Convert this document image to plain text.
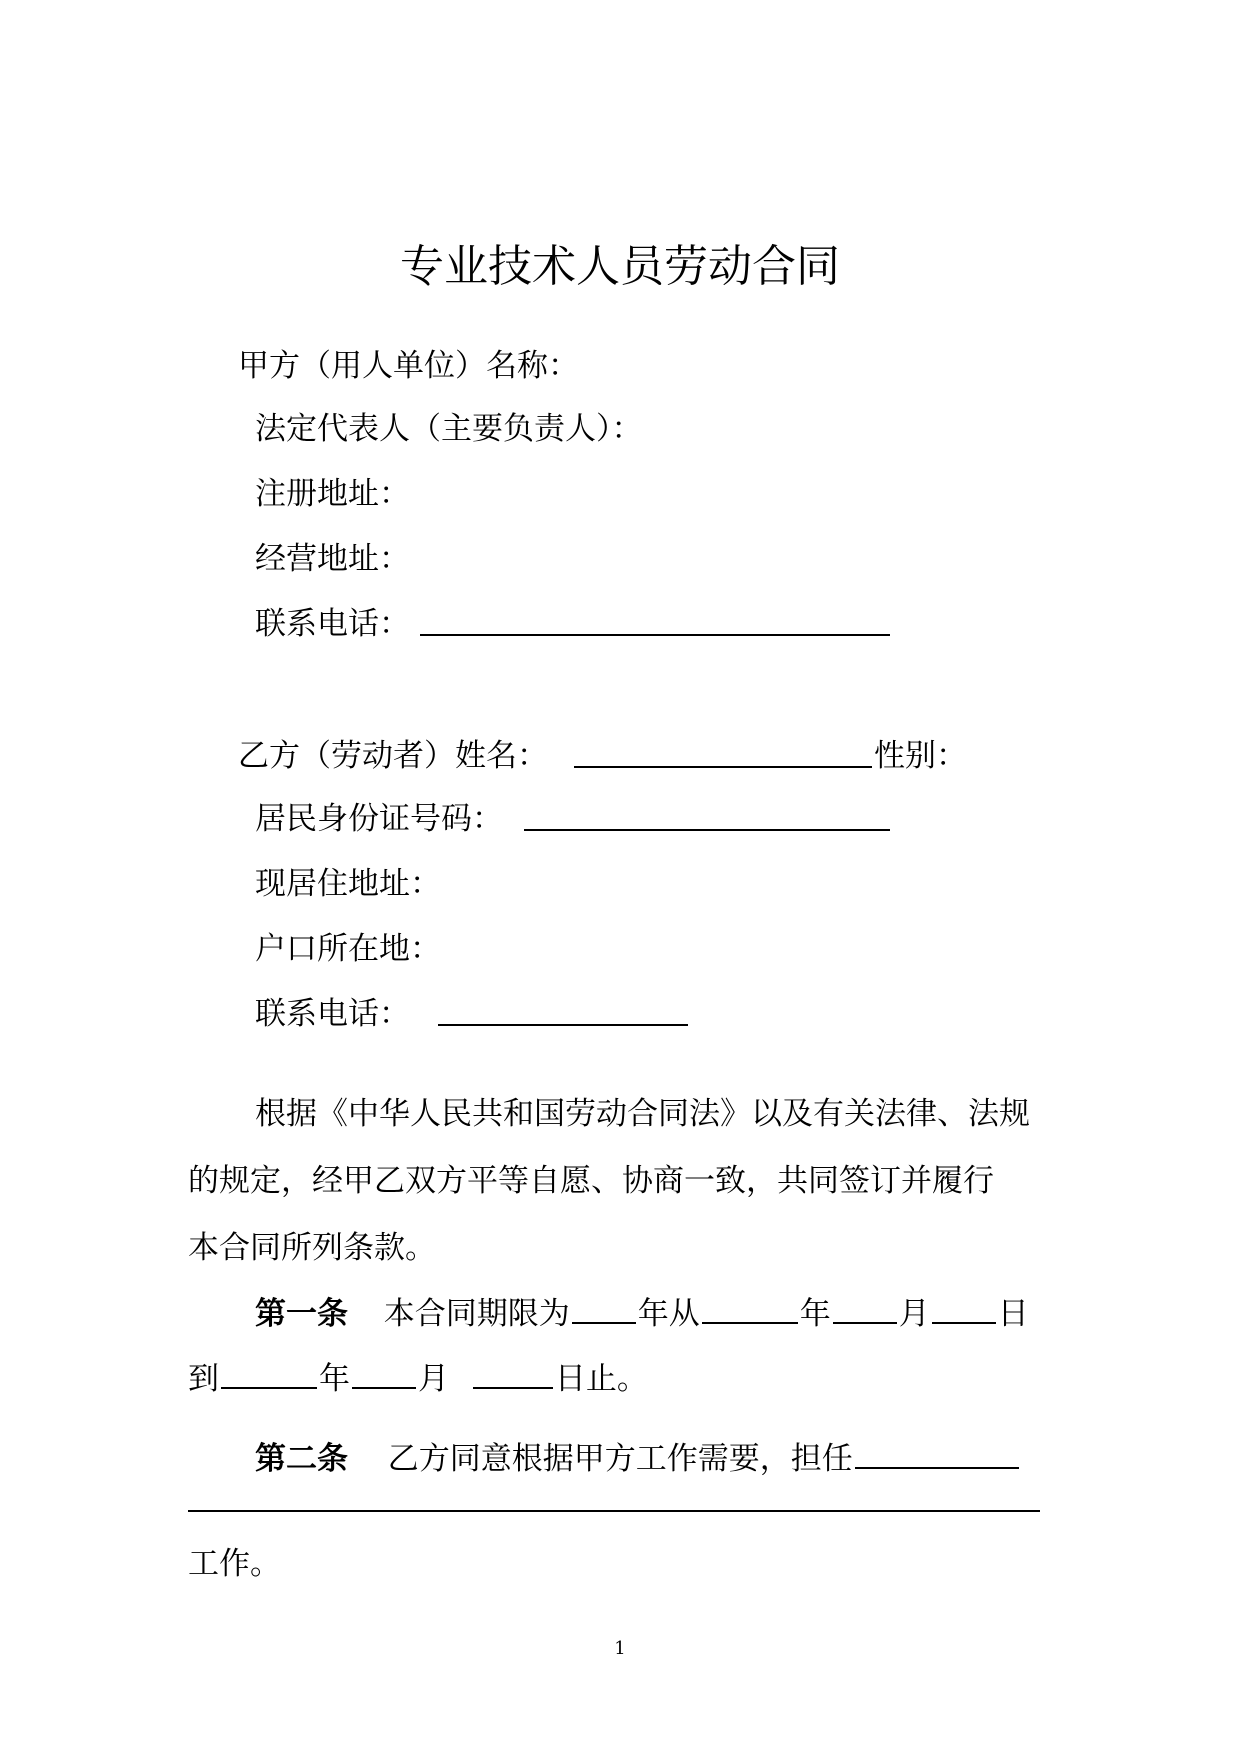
专业技术人员劳动合同
甲方（用人单位）名称：
法定代表人（主要负责人）：
注册地址：
经营地址：
联系电话：
乙方（劳动者）姓名：	性别：
居民身份证号码：
现居住地址：
户口所在地：
联系电话：
根据《中华人民共和国劳动合同法》以及有关法律、法规
的规定，经甲乙双方平等自愿、协商一致，共同签订并履行
本合同所列条款。
第一条 本合同期限为 年从	年 月 日
到	年 月	日止。
第二条 乙方同意根据甲方工作需要，担任
工作。
1
